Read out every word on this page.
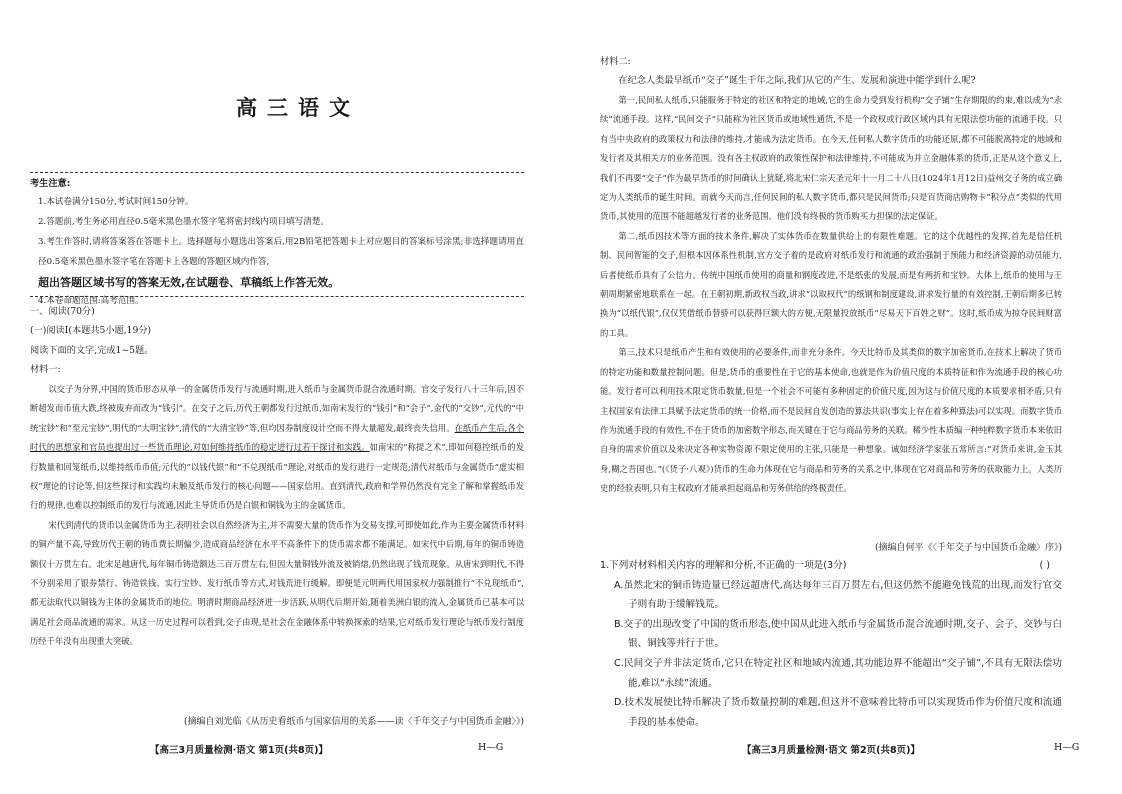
高三语文
考生注意:
1.本试卷满分150分,考试时间150分钟。
2.答题前,考生务必用直径0.5毫米黑色墨水签字笔将密封线内项目填写清楚。
3.考生作答时,请将答案答在答题卡上。选择题每小题选出答案后,用2B铅笔把答题卡上对应题目的答案标号涂黑;非选择题请用直径0.5毫米黑色墨水签字笔在答题卡上各题的答题区域内作答,
超出答题区域书写的答案无效,在试题卷、草稿纸上作答无效。
4.本卷命题范围:高考范围。
一、阅读(70分)
(一)阅读Ⅰ(本题共5小题,19分)
阅读下面的文字,完成1~5题。
材料一:
以交子为分界,中国的货币形态从单一的金属货币发行与流通时期,进入纸币与金属货币混合流通时期。官交子发行八十三年后,因不断超发而币值大跌,终被废弃而改为“钱引”。在交子之后,历代王朝都发行过纸币,如南宋发行的“钱引”和“会子”,金代的“交钞”,元代的“中统宝钞”和“至元宝钞”,明代的“大明宝钞”,清代的“大清宝钞”等,但均因券制度设计空而不得大量超发,最终丧失信用。在纸币产生后,各个时代的思想家和官员也提出过一些货币理论,对如何维持纸币的稳定进行过若干探讨和实践。如南宋的“称提之术”,即如何稳控纸币的发行数量和回笼纸币,以维持纸币币值;元代的“以钱代银”和“不兑现纸币”理论,对纸币的发行进行一定规范;清代对纸币与金属货币“虚实相权”理论的讨论等,但这些探讨和实践均未触及纸币发行的核心问题——国家信用。直到清代,政府和学界仍然没有完全了解和掌握纸币发行的规律,也难以控制纸币的发行与流通,因此主导货币仍是白银和铜钱为主的金属货币。
宋代到清代的货币以金属货币为主,表明社会以自然经济为主,并不需要大量的货币作为交易支撑,可即使如此,作为主要金属货币材料的铜产量不高,导致历代王朝的铸币费长期偏少,造成商品经济在水平不高条件下的货币需求都不能满足。如宋代中后期,每年的铜币铸造额仅十万贯左右。北宋足越唐代,每年铜币铸造额达三百万贯左右,但因大量铜钱外流及被销熔,仍然出现了钱荒现象。从唐宋到明代,不得不分别采用了银券禁行、铸造铁钱、实行宝钞、发行纸币等方式,对钱荒进行缓解。即便是元明两代用国家权力强制推行“不兑现纸币”,都无法取代以铜钱为主体的金属货币的地位。明清时期商品经济进一步活跃,从明代后期开始,随着美洲白银的流入,金属货币已基本可以满足社会商品流通的需求。从这一历史过程可以看到,交子由现,是社会在金融体系中转换探索的结果,它对纸币发行理论与纸币发行制度历经千年没有出现重大突破。
(摘编自刘光临《从历史看纸币与国家信用的关系——读〈千年交子与中国货币金融〉》)
【高三3月质量检测·语文 第1页(共8页)】	H—G
材料二:
在纪念人类最早纸币“交子”诞生千年之际,我们从它的产生、发展和演进中能学到什么呢?
第一,民间私人纸币,只能服务于特定的社区和特定的地域,它的生命力受到发行机构“交子铺”生存期限的约束,难以成为“永续”流通手段。这样,“民间交子”只能称为社区货币或地域性通货,不是一个政权或行政区域内具有无限法偿功能的流通手段。只有当中央政府的政策权力和法律的维持,才能成为法定货币。在今天,任何私人数字货币的功能还原,都不可能脱离特定的地域和发行者及其相关方的业务范围。没有各主权政府的政策性保护和法律维持,不可能成为并立金融体系的货币,正是从这个意义上,我们不再要“交子”作为最早货币的时间确认上犹疑,将北宋仁宗天圣元年十一月二十八日(1024年1月12日)益州交子务的成立确定为人类纸币的诞生时间。而就今天而言,任何民间的私人数字货币,都只是民间货币;只是百货商店购物卡“积分点”类似的代用货币,其使用的范围不能超越发行者的业务范围。他们没有终极的货币购买力担保的法定保证。
第二,纸币因技术等方面的技术条件,解决了实体货币在数量供给上的有限性难题。它的这个优越性的发挥,首先是信任机制、民间智能的交子,但根本因体系性机制,官方交子着的是政府对纸币发行和流通的政治强制于预能力和经济资源的动员能力,后者使纸币具有了公信力。传统中国纸币使用的商量和钢度改进,不是纸张的发展,而是有两折和宝钞。大体上,纸币的使用与王朝周期紧密地联系在一起。在王朝初期,新政权当政,讲求“以取权代”的纸钢和制度建设,讲求发行量的有效控制,王朝后期多已转换为“以纸代银”,仅仅凭借纸币替骄可以获得巨额大的方便,无限量投放纸币“尽易天下百姓之财”。这时,纸币成为掠夺民间财富的工具。
第三,技术只是纸币产生和有效使用的必要条件,而非充分条件。今天比特币及其类似的数字加密货币,在技术上解决了货币的特定功能和数量控制问题。但是,货币的重要性在于它的基本使命,也就是作为价值尺度的本质特征和作为流通手段的核心功能。发行者可以利用技术限定货币数量,但是一个社会不可能有多种固定的价值尺度,因为这与价值尺度的本质要求相矛盾,只有主权国家有法律工具赋予法定货币的统一价格,而不是民间自发创造的算法共识(事实上存在着多种算法)可以实现。而数字货币作为流通手段的有效性,不在于货币的加密数字形态,而关键在于它与商品劳务的关联。稀少性本质编一种纯粹数字货币本来依旧自身的需求价值以及来决定各种实物资源不限定使用的主张,只能是一种想象。诚如经济学家张五常所言:“对货币来讲,金玉其身,糊之吾国也。”(《货子·八观》)货币的生命力体现在它与商品和劳务的关系之中,体现在它对商品和劳务的获取能力上。人类历史的经验表明,只有主权政府才能承担起商品和劳务供给的终极责任。
(摘编自何平《〈千年交子与中国货币金融〉序》)
1.下列对材料相关内容的理解和分析,不正确的一项是(3分)	( )
A.虽然北宋的铜币铸造量已经远超唐代,高达每年三百万贯左右,但这仍然不能避免钱荒的出现,而发行官交子则有助于缓解钱荒。
B.交子的出现改变了中国的货币形态,使中国从此进入纸币与金属货币混合流通时期,交子、会子、交钞与白银、铜钱等并行于世。
C.民间交子并非法定货币,它只在特定社区和地域内流通,其功能边界不能超出“交子铺”,不具有无限法偿功能,难以“永续”流通。
D.技术发展使比特币解决了货币数量控制的难题,但这并不意味着比特币可以实现货币作为价值尺度和流通手段的基本使命。
【高三3月质量检测·语文 第2页(共8页)】	H—G
